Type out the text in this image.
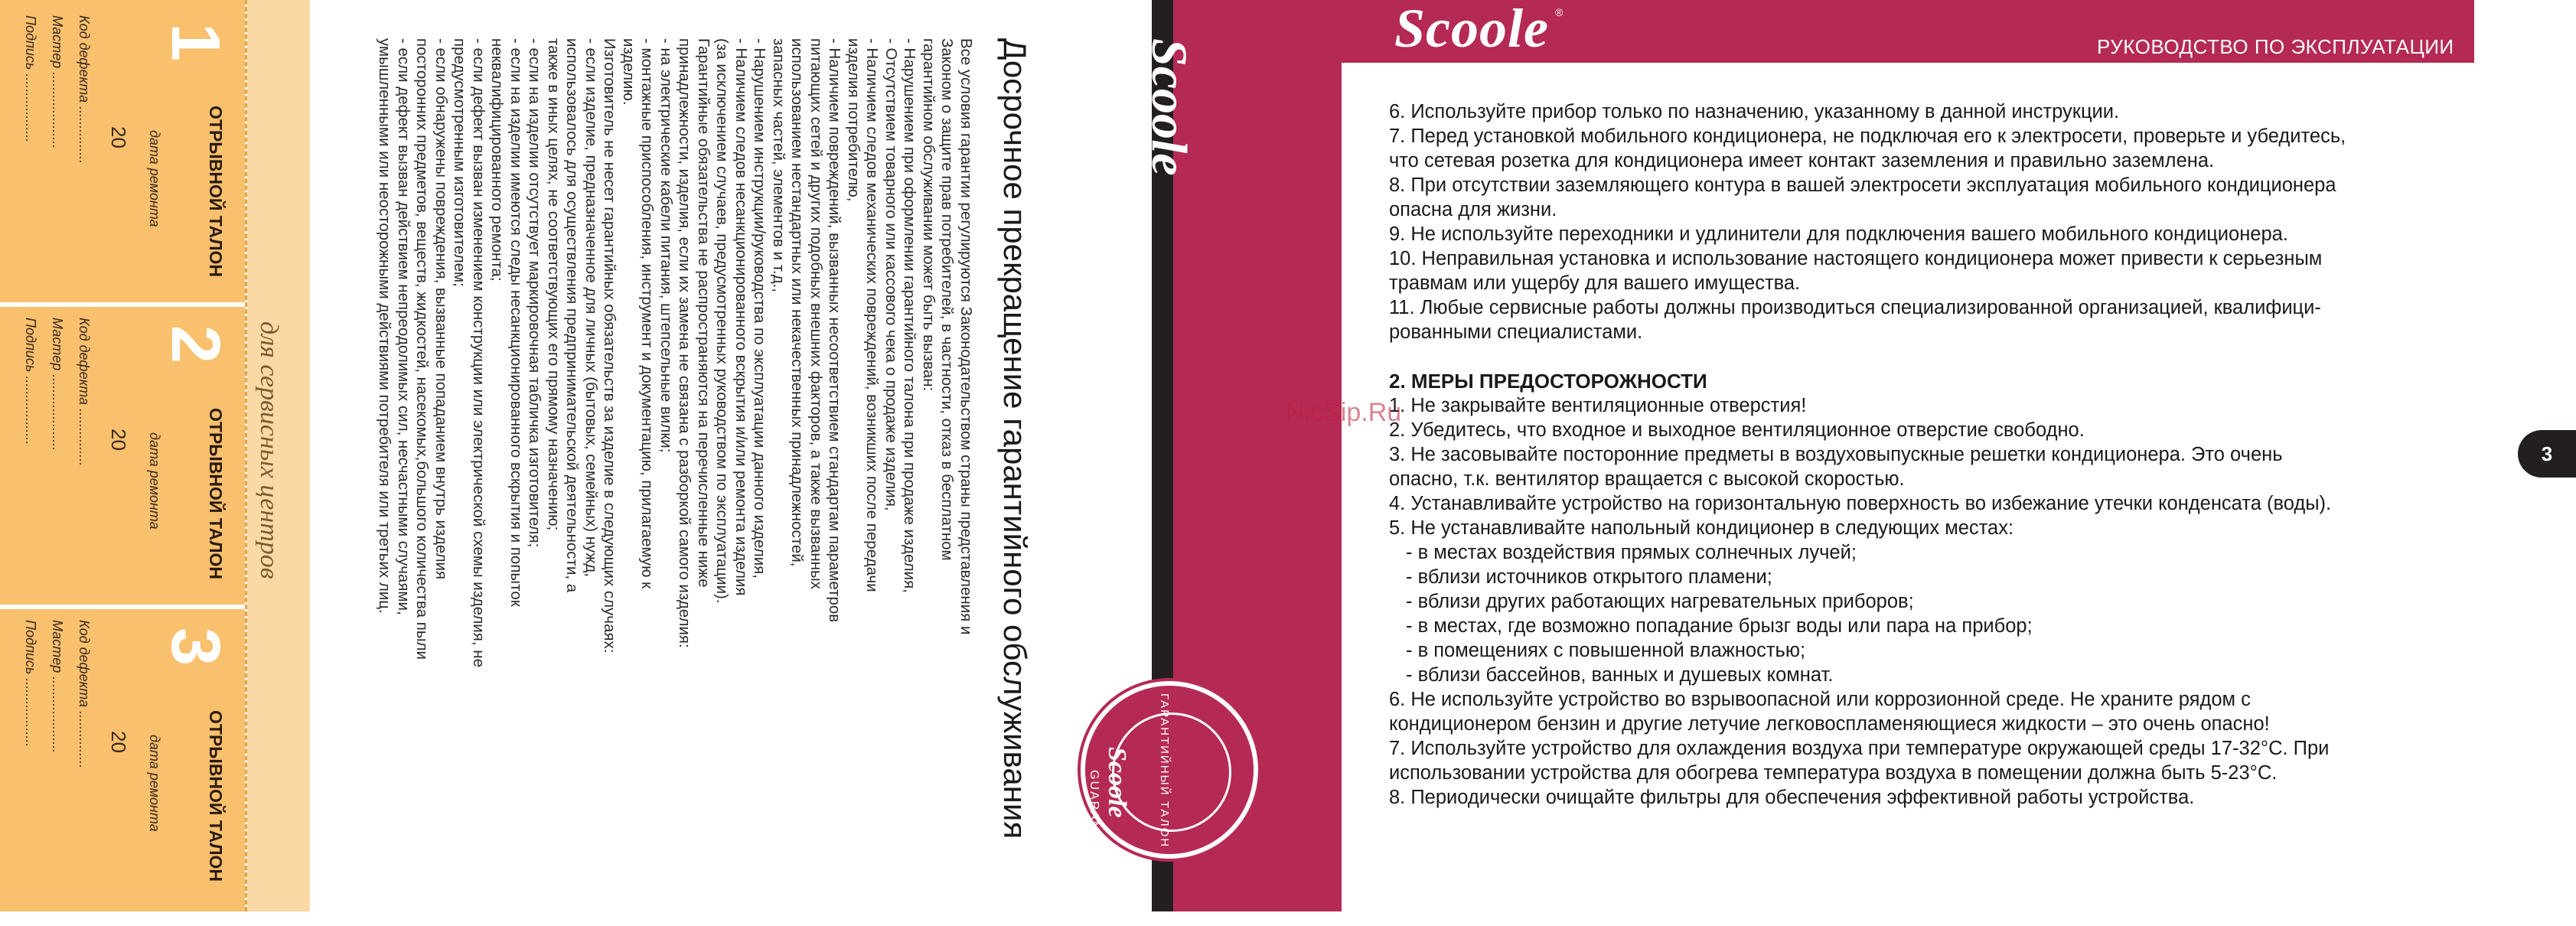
1
ОТРЫВНОЙ ТАЛОН
дата ремонта
20
Код дефекта ...............
Мастер ....................
Подпись ..................
2
ОТРЫВНОЙ ТАЛОН
дата ремонта
20
Код дефекта ...............
Мастер ....................
Подпись ..................
3
ОТРЫВНОЙ ТАЛОН
дата ремонта
20
Код дефекта ...............
Мастер ....................
Подпись ..................
для сервисных центров	Досрочное прекращение гарантийного обслуживания

Все условия гарантии регулируются Законодательством страны представления и

Законом о защите прав потребителей, в частности, отказ в бесплатном

гарантийном обслуживании может быть вызван:

- Нарушением при оформлении гарантийного талона при продаже изделия,

- Отсутствием товарного или кассового чека о продаже изделия,

- Наличием следов механических повреждений, возникших после передачи

изделия потребителю,

- Наличием повреждений, вызванных несоответствием стандартам параметров

питающих сетей и других подобных внешних факторов, а также вызванных

использованием нестандартных или некачественных принадлежностей,

запасных частей, элементов и т.д.,

- Нарушением инструкции/руководства по эксплуатации данного изделия,

- Наличием следов несанкционированного вскрытия и/или ремонта изделия

(за исключением случаев, предусмотренных руководством по эксплуатации).

Гарантийные обязательства не распространяются на перечисленные ниже

принадлежности, изделия, если их замена не связана с разборкой самого изделия:

- на электрические кабели питания, штепсельные вилки;

- монтажные приспособления, инструмент и документацию, прилагаемую к

изделию.

Изготовитель не несет гарантийных обязательств за изделие в следующих случаях:

- если изделие, предназначенное для личных (бытовых, семейных) нужд,

использовалось для осуществления предпринимательской деятельности, а

также в иных целях, не соответствующих его прямому назначению;

- если на изделии отсутствует маркировочная табличка изготовителя;

- если на изделии имеются следы несанкционированного вскрытия и попыток

неквалифицированного ремонта;

- если дефект вызван изменением конструкции или электрической схемы изделия, не

предусмотренным изготовителем;

- если обнаружены повреждения, вызванные попаданием внутрь изделия

посторонних предметов, веществ, жидкостей, насекомых,большого количества пыли

- если дефект вызван действием непреодолимых сил, несчастными случаями,

умышленными или неосторожными действиями потребителя или третьих лиц.	Scoole
ГАРАНТИЙНЫЙ ТАЛОН
Scoole
GUARANTEE
Scoole ®
РУКОВОДСТВО ПО ЭКСПЛУАТАЦИИ

6. Используйте прибор только по назначению, указанному в данной инструкции.

7. Перед установкой мобильного кондиционера, не подключая его к электросети, проверьте и убедитесь,

что сетевая розетка для кондиционера имеет контакт заземления и правильно заземлена.

8. При отсутствии заземляющего контура в вашей электросети эксплуатация мобильного кондиционера

опасна для жизни.

9. Не используйте переходники и удлинители для подключения вашего мобильного кондиционера.

10. Неправильная установка и использование настоящего кондиционера может привести к серьезным

травмам или ущербу для вашего имущества.

11. Любые сервисные работы должны производиться специализированной организацией, квалифици-

рованными специалистами.

2. МЕРЫ ПРЕДОСТОРОЖНОСТИ

1. Не закрывайте вентиляционные отверстия!

2. Убедитесь, что входное и выходное вентиляционное отверстие свободно.

3. Не засовывайте посторонние предметы в воздуховыпускные решетки кондиционера. Это очень

опасно, т.к. вентилятор вращается с высокой скоростью.

4. Устанавливайте устройство на горизонтальную поверхность во избежание утечки конденсата (воды).

5. Не устанавливайте напольный кондиционер в следующих местах:

- в местах воздействия прямых солнечных лучей;

- вблизи источников открытого пламени;

- вблизи других работающих нагревательных приборов;

- в местах, где возможно попадание брызг воды или пара на прибор;

- в помещениях с повышенной влажностью;

- вблизи бассейнов, ванных и душевых комнат.

6. Не используйте устройство во взрывоопасной или коррозионной среде. Не храните рядом с

кондиционером бензин и другие летучие легковоспламеняющиеся жидкости – это очень опасно!

7. Используйте устройство для охлаждения воздуха при температуре окружающей среды 17-32°С. При

использовании устройства для обогрева температура воздуха в помещении должна быть 5-23°С.

8. Периодически очищайте фильтры для обеспечения эффективной работы устройства.

NicSip.Ru
3
